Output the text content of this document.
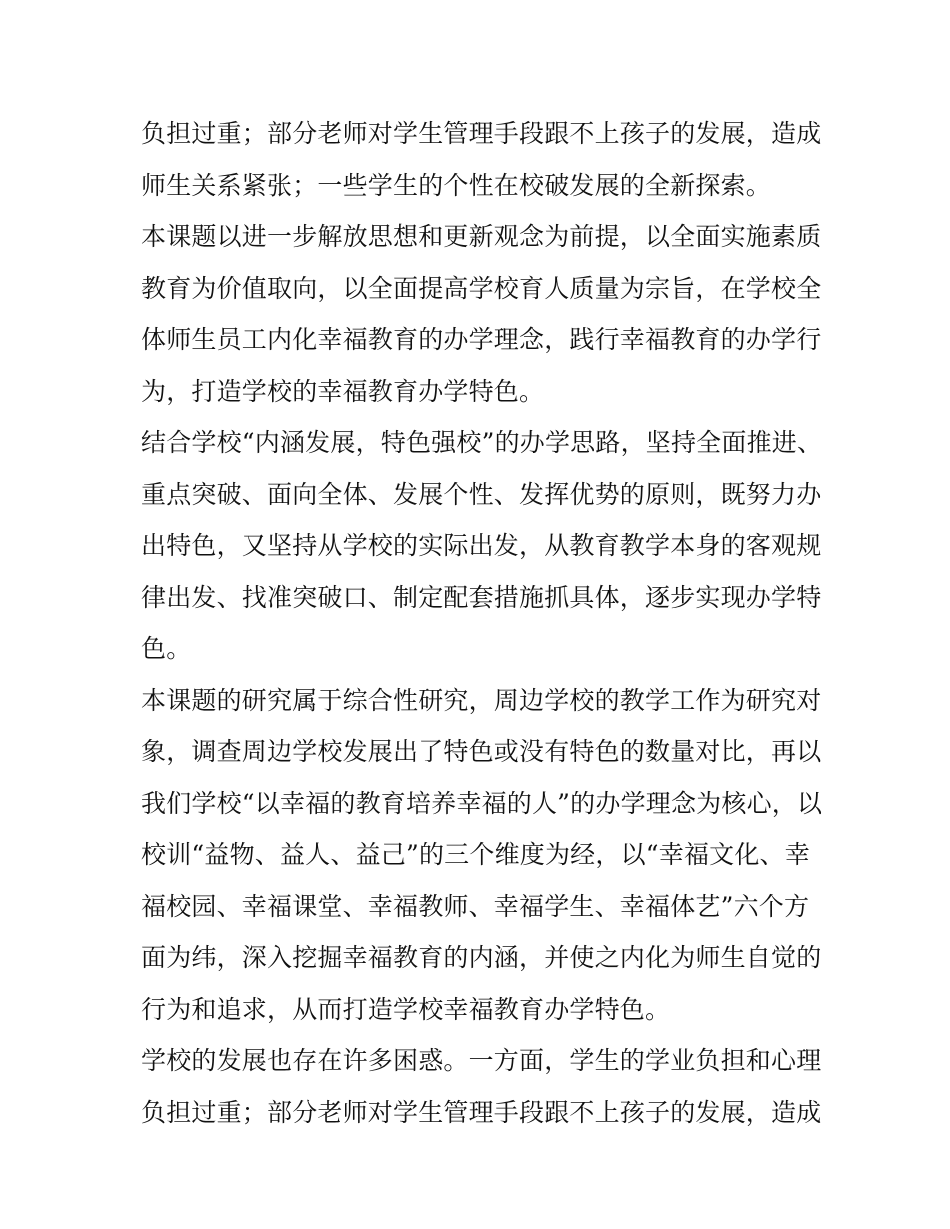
负担过重；部分老师对学生管理手段跟不上孩子的发展，造成
师生关系紧张；一些学生的个性在校破发展的全新探索。
本课题以进一步解放思想和更新观念为前提，以全面实施素质
教育为价值取向，以全面提高学校育人质量为宗旨，在学校全
体师生员工内化幸福教育的办学理念，践行幸福教育的办学行
为，打造学校的幸福教育办学特色。
结合学校“内涵发展，特色强校”的办学思路，坚持全面推进、
重点突破、面向全体、发展个性、发挥优势的原则，既努力办
出特色，又坚持从学校的实际出发，从教育教学本身的客观规
律出发、找准突破口、制定配套措施抓具体，逐步实现办学特
色。
本课题的研究属于综合性研究，周边学校的教学工作为研究对
象，调查周边学校发展出了特色或没有特色的数量对比，再以
我们学校“以幸福的教育培养幸福的人”的办学理念为核心，以
校训“益物、益人、益己”的三个维度为经，以“幸福文化、幸
福校园、幸福课堂、幸福教师、幸福学生、幸福体艺”六个方
面为纬，深入挖掘幸福教育的内涵，并使之内化为师生自觉的
行为和追求，从而打造学校幸福教育办学特色。
学校的发展也存在许多困惑。一方面，学生的学业负担和心理
负担过重；部分老师对学生管理手段跟不上孩子的发展，造成
